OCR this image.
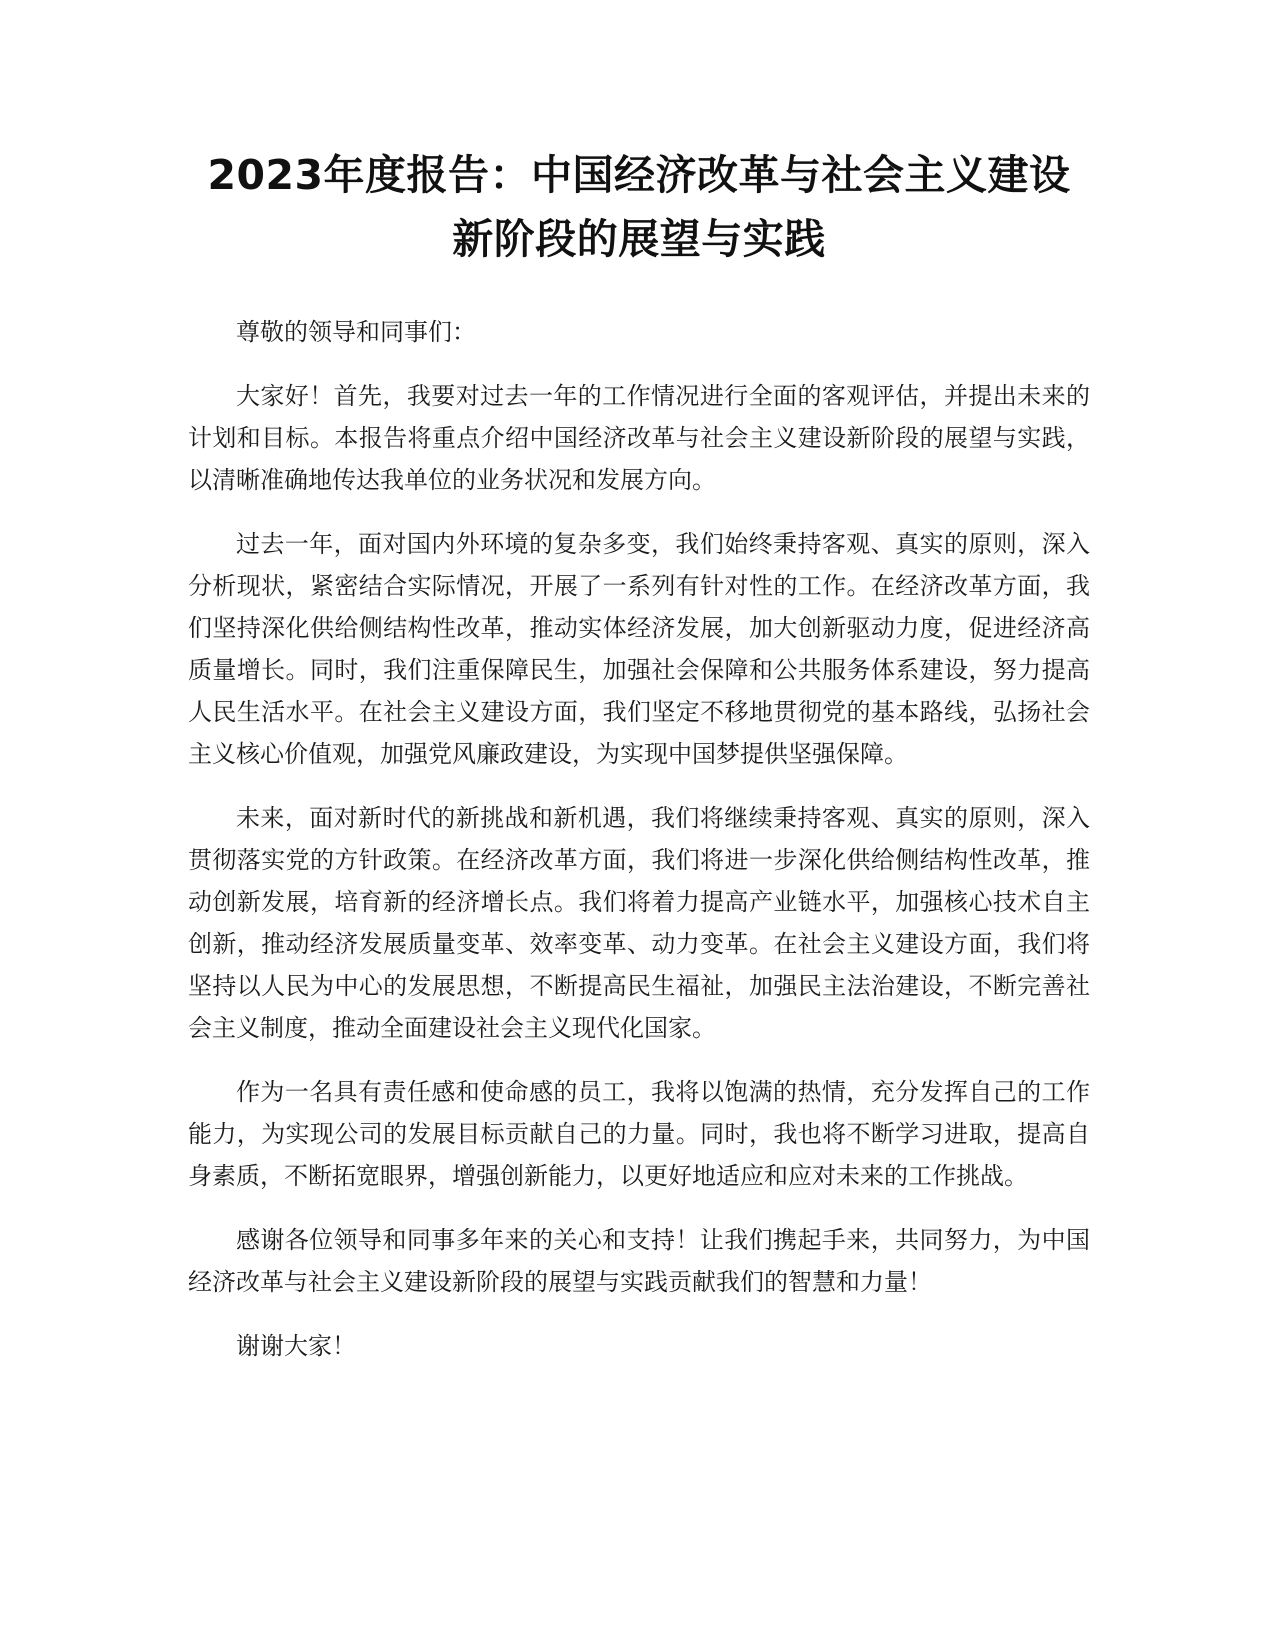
2023年度报告：中国经济改革与社会主义建设新阶段的展望与实践

尊敬的领导和同事们：

大家好！首先，我要对过去一年的工作情况进行全面的客观评估，并提出未来的计划和目标。本报告将重点介绍中国经济改革与社会主义建设新阶段的展望与实践，以清晰准确地传达我单位的业务状况和发展方向。

过去一年，面对国内外环境的复杂多变，我们始终秉持客观、真实的原则，深入分析现状，紧密结合实际情况，开展了一系列有针对性的工作。在经济改革方面，我们坚持深化供给侧结构性改革，推动实体经济发展，加大创新驱动力度，促进经济高质量增长。同时，我们注重保障民生，加强社会保障和公共服务体系建设，努力提高人民生活水平。在社会主义建设方面，我们坚定不移地贯彻党的基本路线，弘扬社会主义核心价值观，加强党风廉政建设，为实现中国梦提供坚强保障。

未来，面对新时代的新挑战和新机遇，我们将继续秉持客观、真实的原则，深入贯彻落实党的方针政策。在经济改革方面，我们将进一步深化供给侧结构性改革，推动创新发展，培育新的经济增长点。我们将着力提高产业链水平，加强核心技术自主创新，推动经济发展质量变革、效率变革、动力变革。在社会主义建设方面，我们将坚持以人民为中心的发展思想，不断提高民生福祉，加强民主法治建设，不断完善社会主义制度，推动全面建设社会主义现代化国家。

作为一名具有责任感和使命感的员工，我将以饱满的热情，充分发挥自己的工作能力，为实现公司的发展目标贡献自己的力量。同时，我也将不断学习进取，提高自身素质，不断拓宽眼界，增强创新能力，以更好地适应和应对未来的工作挑战。

感谢各位领导和同事多年来的关心和支持！让我们携起手来，共同努力，为中国经济改革与社会主义建设新阶段的展望与实践贡献我们的智慧和力量！

谢谢大家！
